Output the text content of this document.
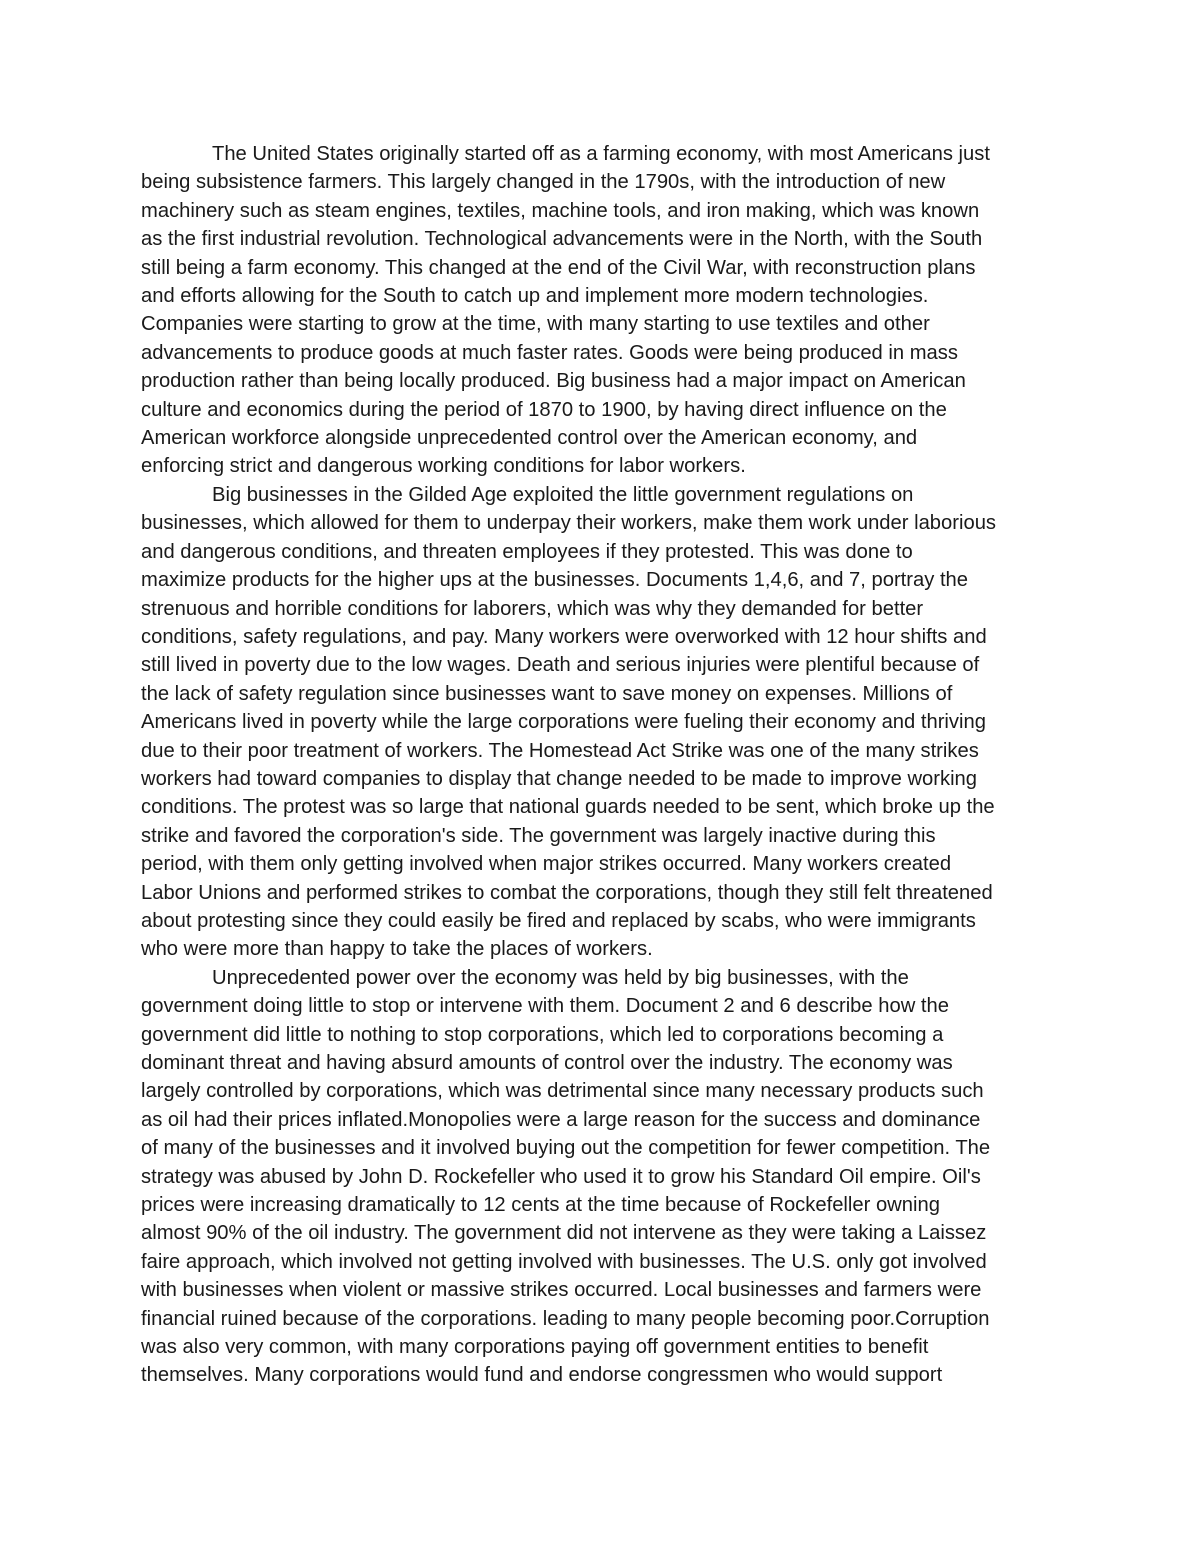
The United States originally started off as a farming economy, with most Americans just
being subsistence farmers. This largely changed in the 1790s, with the introduction of new
machinery such as steam engines, textiles, machine tools, and iron making, which was known
as the first industrial revolution. Technological advancements were in the North, with the South
still being a farm economy. This changed at the end of the Civil War, with reconstruction plans
and efforts allowing for the South to catch up and implement more modern technologies.
Companies were starting to grow at the time, with many starting to use textiles and other
advancements to produce goods at much faster rates. Goods were being produced in mass
production rather than being locally produced. Big business had a major impact on American
culture and economics during the period of 1870 to 1900, by having direct influence on the
American workforce alongside unprecedented control over the American economy, and
enforcing strict and dangerous working conditions for labor workers.
Big businesses in the Gilded Age exploited the little government regulations on
businesses, which allowed for them to underpay their workers, make them work under laborious
and dangerous conditions, and threaten employees if they protested. This was done to
maximize products for the higher ups at the businesses. Documents 1,4,6, and 7, portray the
strenuous and horrible conditions for laborers, which was why they demanded for better
conditions, safety regulations, and pay. Many workers were overworked with 12 hour shifts and
still lived in poverty due to the low wages. Death and serious injuries were plentiful because of
the lack of safety regulation since businesses want to save money on expenses. Millions of
Americans lived in poverty while the large corporations were fueling their economy and thriving
due to their poor treatment of workers. The Homestead Act Strike was one of the many strikes
workers had toward companies to display that change needed to be made to improve working
conditions. The protest was so large that national guards needed to be sent, which broke up the
strike and favored the corporation's side. The government was largely inactive during this
period, with them only getting involved when major strikes occurred. Many workers created
Labor Unions and performed strikes to combat the corporations, though they still felt threatened
about protesting since they could easily be fired and replaced by scabs, who were immigrants
who were more than happy to take the places of workers.
Unprecedented power over the economy was held by big businesses, with the
government doing little to stop or intervene with them. Document 2 and 6 describe how the
government did little to nothing to stop corporations, which led to corporations becoming a
dominant threat and having absurd amounts of control over the industry. The economy was
largely controlled by corporations, which was detrimental since many necessary products such
as oil had their prices inflated.Monopolies were a large reason for the success and dominance
of many of the businesses and it involved buying out the competition for fewer competition. The
strategy was abused by John D. Rockefeller who used it to grow his Standard Oil empire. Oil's
prices were increasing dramatically to 12 cents at the time because of Rockefeller owning
almost 90% of the oil industry. The government did not intervene as they were taking a Laissez
faire approach, which involved not getting involved with businesses. The U.S. only got involved
with businesses when violent or massive strikes occurred. Local businesses and farmers were
financial ruined because of the corporations. leading to many people becoming poor.Corruption
was also very common, with many corporations paying off government entities to benefit
themselves. Many corporations would fund and endorse congressmen who would support
